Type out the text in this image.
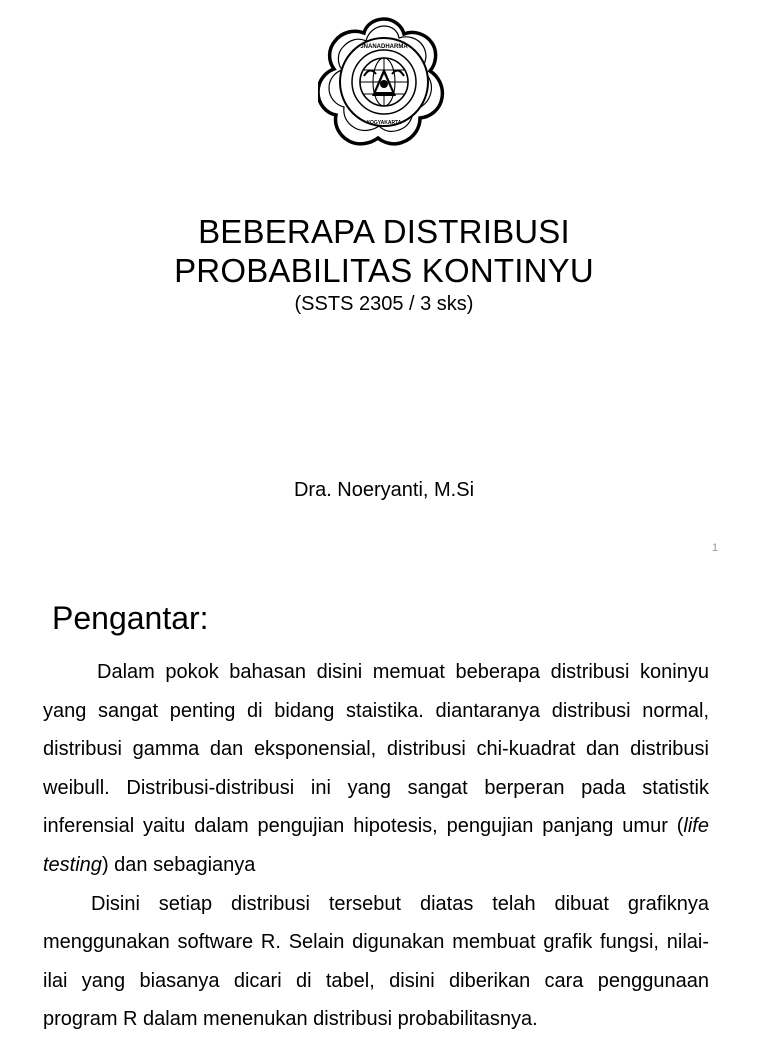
JNANADHARMA
YOGYAKARTA
BEBERAPA DISTRIBUSI
PROBABILITAS KONTINYU
(SSTS 2305 / 3 sks)
Dra. Noeryanti, M.Si
1
Pengantar:

Dalam pokok bahasan disini memuat beberapa distribusi koninyu yang sangat penting di bidang staistika. diantaranya distribusi normal, distribusi gamma dan eksponensial, distribusi chi-kuadrat dan distribusi weibull. Distribusi-distribusi ini yang sangat berperan pada statistik inferensial yaitu dalam pengujian hipotesis, pengujian panjang umur (life testing) dan sebagianya

Disini setiap distribusi tersebut diatas telah dibuat grafiknya menggunakan software R. Selain digunakan membuat grafik fungsi, nilai-ilai yang biasanya dicari di tabel, disini diberikan cara penggunaan program R dalam menenukan distribusi probabilitasnya.
